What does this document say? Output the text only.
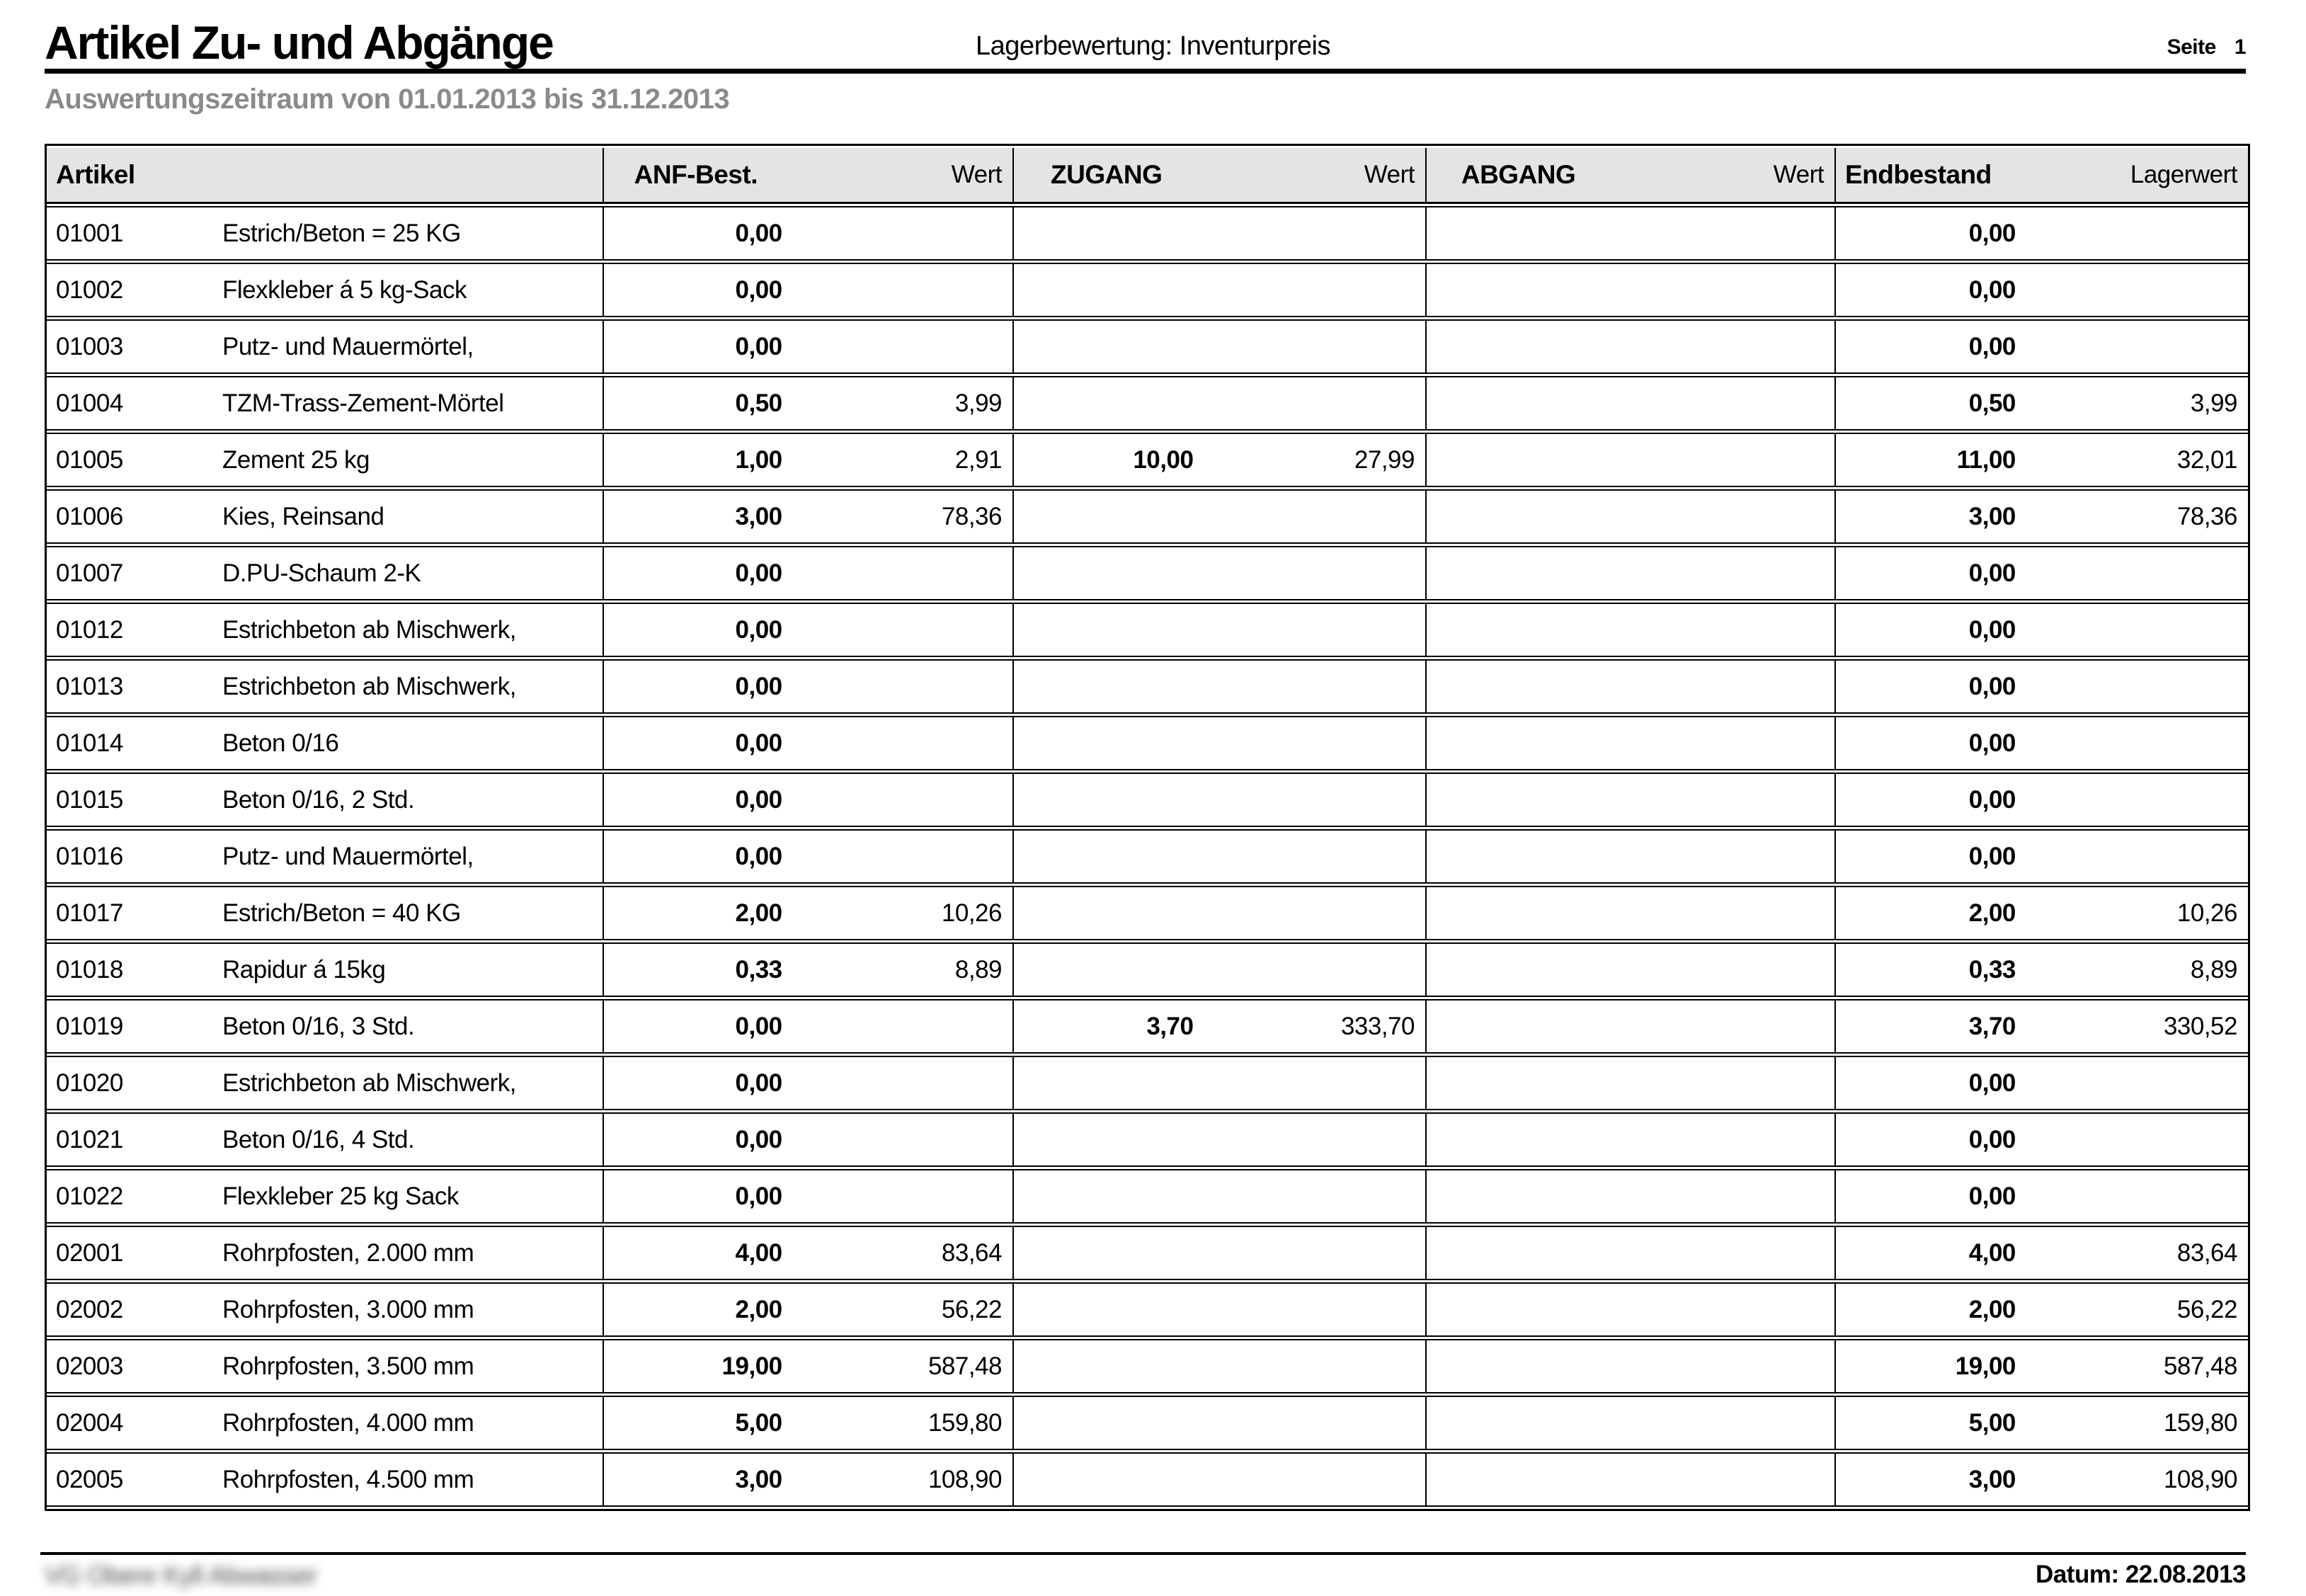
Artikel Zu- und Abgänge	Lagerbewertung: Inventurpreis	Seite 1
Auswertungszeitraum von 01.01.2013 bis 31.12.2013
Artikel	ANF-Best. Wert	ZUGANG Wert	ABGANG Wert	Endbestand Lagerwert

01001 Estrich/Beton = 25 KG	0,00			0,00

01002 Flexkleber á 5 kg-Sack	0,00			0,00

01003 Putz- und Mauermörtel,	0,00			0,00

01004 TZM-Trass-Zement-Mörtel	0,50 3,99			0,50 3,99

01005 Zement 25 kg	1,00 2,91	10,00 27,99		11,00 32,01

01006 Kies, Reinsand	3,00 78,36			3,00 78,36

01007 D.PU-Schaum 2-K	0,00			0,00

01012 Estrichbeton ab Mischwerk,	0,00			0,00

01013 Estrichbeton ab Mischwerk,	0,00			0,00

01014 Beton 0/16	0,00			0,00

01015 Beton 0/16, 2 Std.	0,00			0,00

01016 Putz- und Mauermörtel,	0,00			0,00

01017 Estrich/Beton = 40 KG	2,00 10,26			2,00 10,26

01018 Rapidur á 15kg	0,33 8,89			0,33 8,89

01019 Beton 0/16, 3 Std.	0,00	3,70 333,70		3,70 330,52

01020 Estrichbeton ab Mischwerk,	0,00			0,00

01021 Beton 0/16, 4 Std.	0,00			0,00

01022 Flexkleber 25 kg Sack	0,00			0,00

02001 Rohrpfosten, 2.000 mm	4,00 83,64			4,00 83,64

02002 Rohrpfosten, 3.000 mm	2,00 56,22			2,00 56,22

02003 Rohrpfosten, 3.500 mm	19,00 587,48			19,00 587,48

02004 Rohrpfosten, 4.000 mm	5,00 159,80			5,00 159,80

02005 Rohrpfosten, 4.500 mm	3,00 108,90			3,00 108,90
VG Obere Kyll Abwasser	Datum: 22.08.2013
